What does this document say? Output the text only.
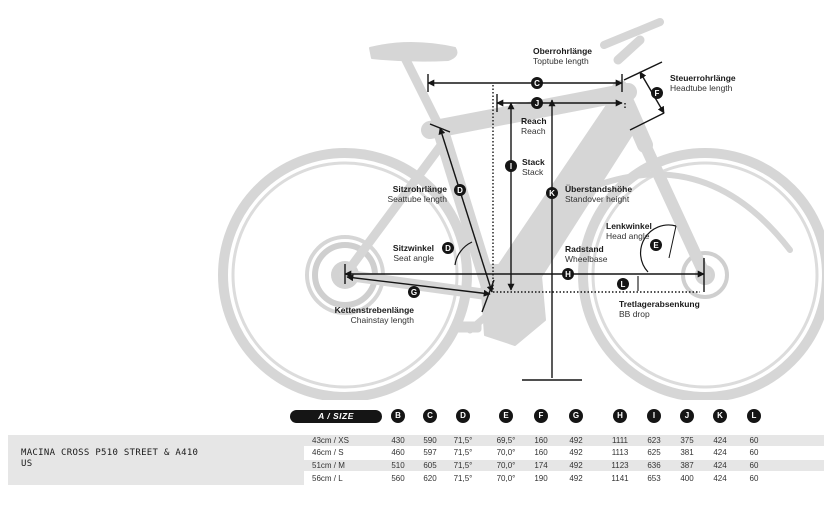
C
F
J
I
K
D
D	E
H
L
G
Oberrohrlänge
Toptube length
Steuerrohrlänge
Headtube length
Reach
Reach
Stack
Stack
Überstandshöhe
Standover height
Sitzrohrlänge
Seattube length
Lenkwinkel
Head angle
Sitzwinkel
Seat angle
Radstand
Wheelbase
Kettenstrebenlänge
Chainstay length
Tretlagerabsenkung
BB drop
A / SIZE	B	C	D	E	F	G	H	I	J	K	L
MACINA CROSS P510 STREET & A410
US
43cm / XS	430	590	71,5°	69,5°	160	492	1111	623	375	424	60
46cm / S	460	597	71,5°	70,0°	160	492	1113	625	381	424	60
51cm / M	510	605	71,5°	70,0°	174	492	1123	636	387	424	60
56cm / L	560	620	71,5°	70,0°	190	492	1141	653	400	424	60
